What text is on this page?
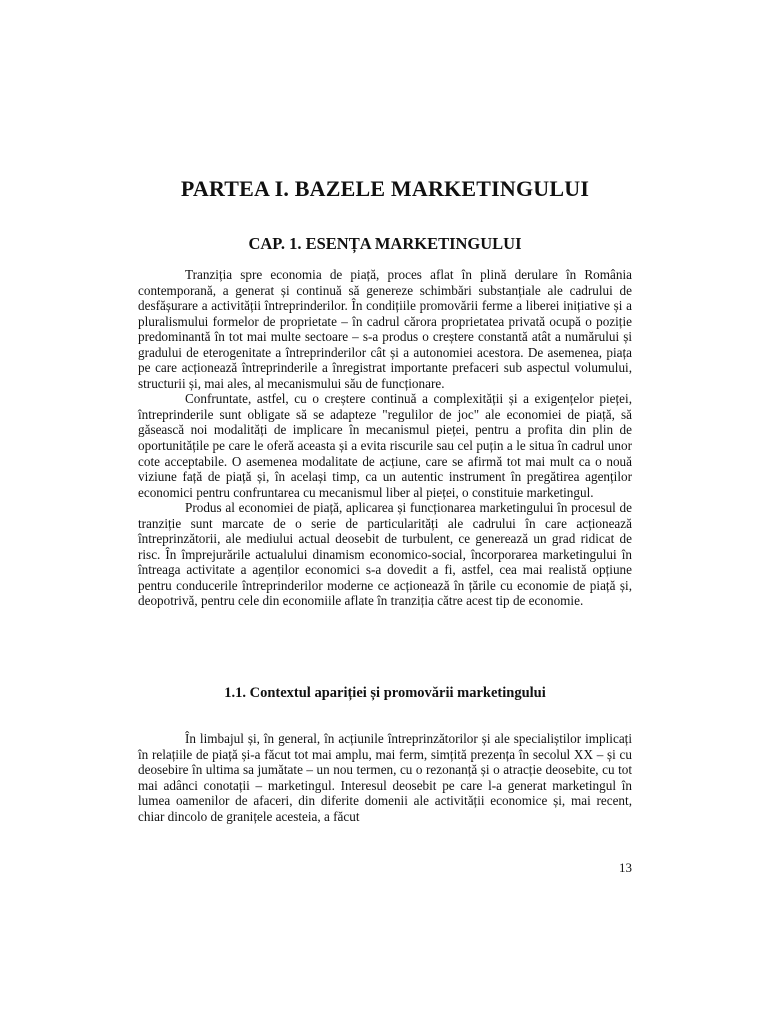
PARTEA I. BAZELE MARKETINGULUI
CAP. 1. ESENȚA MARKETINGULUI

Tranziția spre economia de piață, proces aflat în plină derulare în România contemporană, a generat și continuă să genereze schimbări substanțiale ale cadrului de desfășurare a activității întreprinderilor. În condițiile promovării ferme a liberei inițiative și a pluralismului formelor de proprietate – în cadrul cărora proprietatea privată ocupă o poziție predominantă în tot mai multe sectoare – s-a produs o creștere constantă atât a numărului și gradului de eterogenitate a întreprinderilor cât și a autonomiei acestora. De asemenea, piața pe care acționează întreprinderile a înregistrat importante prefaceri sub aspectul volumului, structurii și, mai ales, al mecanismului său de funcționare.

Confruntate, astfel, cu o creștere continuă a complexității și a exigențelor pieței, întreprinderile sunt obligate să se adapteze "regulilor de joc" ale economiei de piață, să găsească noi modalități de implicare în mecanismul pieței, pentru a profita din plin de oportunitățile pe care le oferă aceasta și a evita riscurile sau cel puțin a le situa în cadrul unor cote acceptabile. O asemenea modalitate de acțiune, care se afirmă tot mai mult ca o nouă viziune față de piață și, în același timp, ca un autentic instrument în pregătirea agenților economici pentru confruntarea cu mecanismul liber al pieței, o constituie marketingul.

Produs al economiei de piață, aplicarea și funcționarea marketingului în procesul de tranziție sunt marcate de o serie de particularități ale cadrului în care acționează întreprinzătorii, ale mediului actual deosebit de turbulent, ce generează un grad ridicat de risc. În împrejurările actualului dinamism economico-social, încorporarea marketingului în întreaga activitate a agenților economici s-a dovedit a fi, astfel, cea mai realistă opțiune pentru conducerile întreprinderilor moderne ce acționează în țările cu economie de piață și, deopotrivă, pentru cele din economiile aflate în tranziția către acest tip de economie.

1.1. Contextul apariției și promovării marketingului

În limbajul și, în general, în acțiunile întreprinzătorilor și ale specialiștilor implicați în relațiile de piață și-a făcut tot mai amplu, mai ferm, simțită prezența în secolul XX – și cu deosebire în ultima sa jumătate – un nou termen, cu o rezonanță și o atracție deosebite, cu tot mai adânci conotații – marketingul. Interesul deosebit pe care l-a generat marketingul în lumea oamenilor de afaceri, din diferite domenii ale activității economice și, mai recent, chiar dincolo de granițele acesteia, a făcut

13
